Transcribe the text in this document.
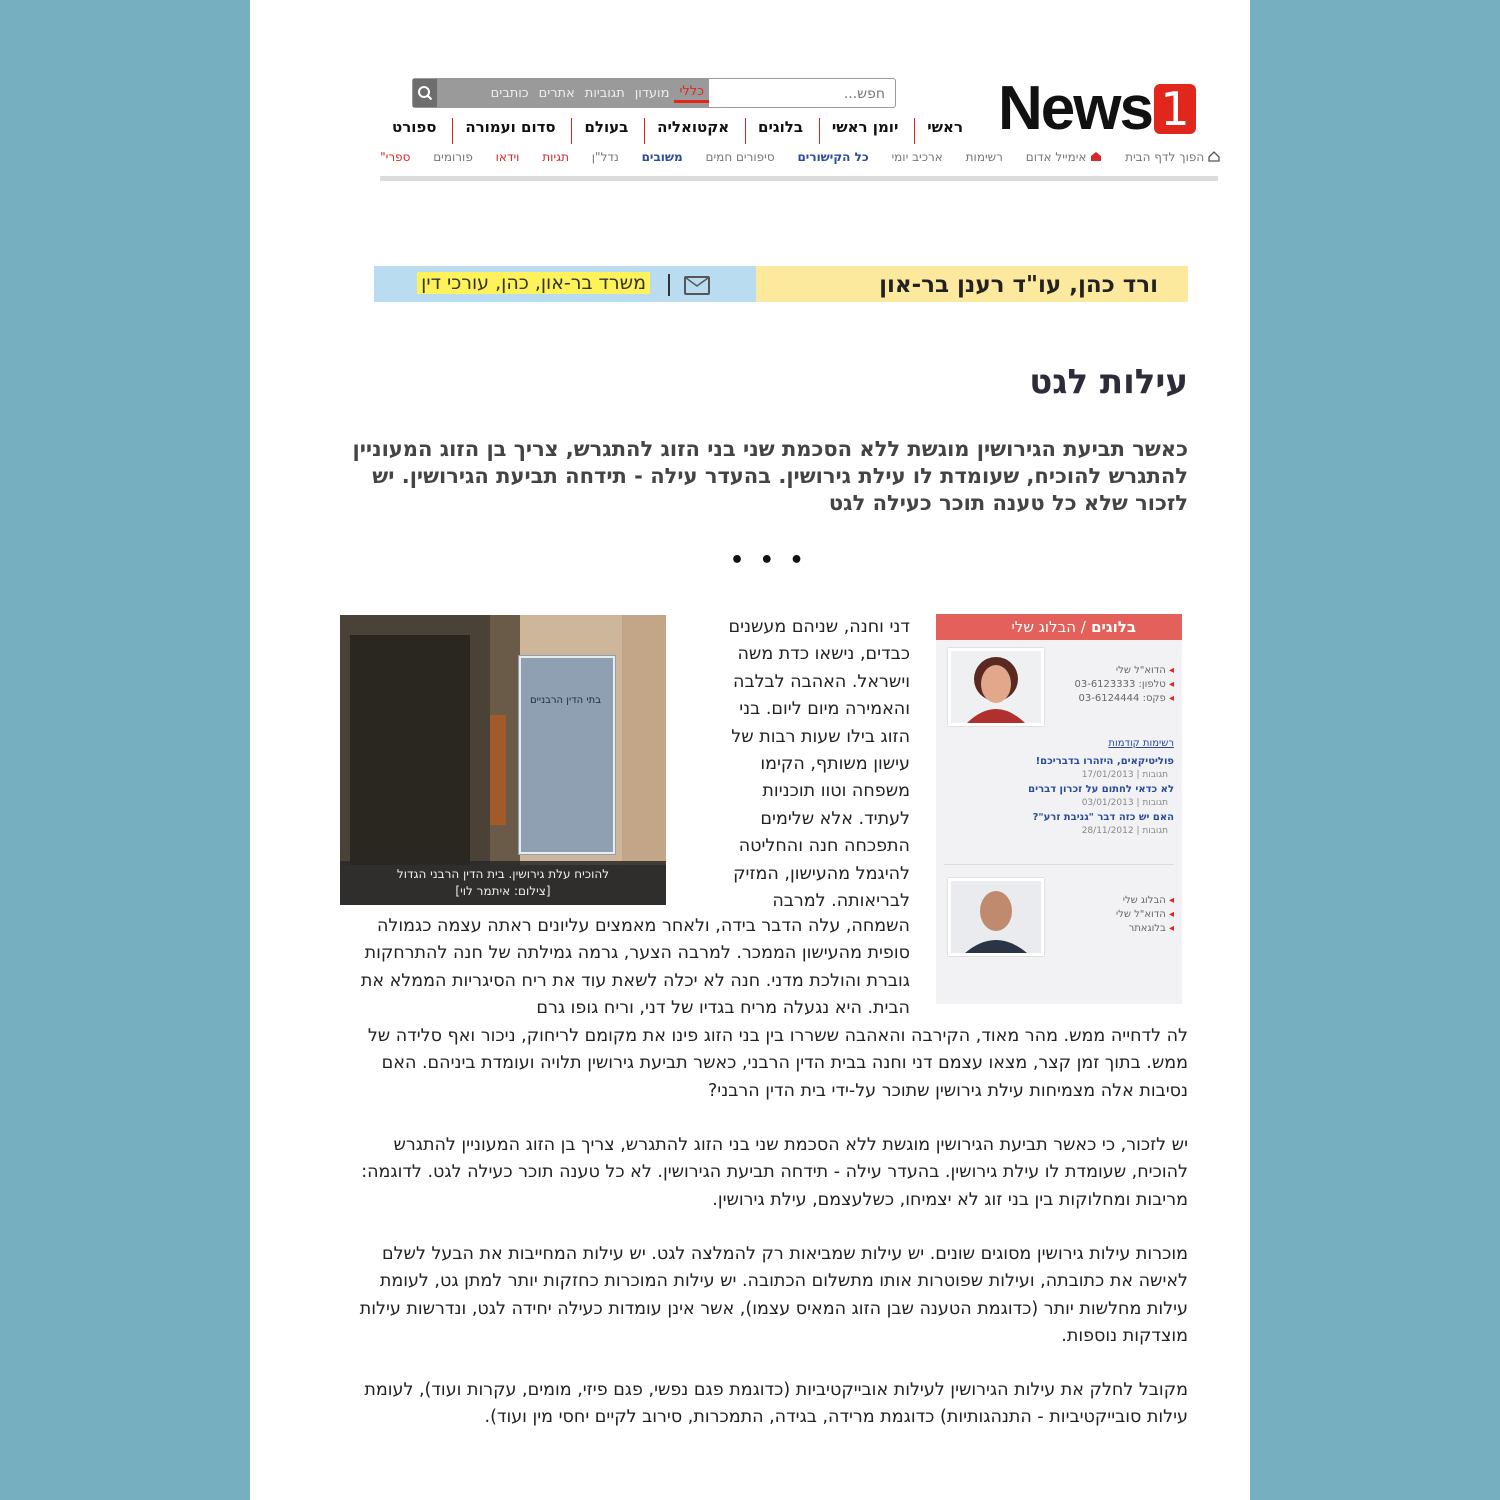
News 1
כללי
מועדון
תגוביות
אתרים
כותבים
חפש...
ראשי
יומן ראשי
בלוגים
אקטואליה
בעולם
סדום ועמורה
ספורט
הפוך לדף הבית
אימייל אדום
רשימות
ארכיב יומי
כל הקישורים
סיפורים חמים
משובים
נדל"ן
תגיות
וידאו
פורומים
ספרי"
משרד בר-און, כהן, עורכי דין	ורד כהן, עו"ד רענן בר-און
עילות לגט
כאשר תביעת הגירושין מוגשת ללא הסכמת שני בני הזוג להתגרש, צריך בן הזוג המעוניין להתגרש להוכיח, שעומדת לו עילת גירושין. בהעדר עילה - תידחה תביעת הגירושין. יש לזכור שלא כל טענה תוכר כעילה לגט
• • •
בלוגים / הבלוג שלי
◂ הדוא"ל שלי
◂ טלפון: 03-6123333
◂ פקס: 03-6124444
רשימות קודמות
פוליטיקאים, היזהרו בדבריכם!
תגובות | 17/01/2013
לא כדאי לחתום על זכרון דברים
תגובות | 03/01/2013
האם יש כזה דבר "גניבת זרע"?
תגובות | 28/11/2012
◂ הבלוג שלי
◂ הדוא"ל שלי
◂ בלוגאתר
דני וחנה, שניהם מעשנים כבדים, נישאו כדת משה וישראל. האהבה לבלבה והאמירה מיום ליום. בני הזוג בילו שעות רבות של עישון משותף, הקימו משפחה וטוו תוכניות לעתיד. אלא שלימים התפכחה חנה והחליטה להיגמל מהעישון, המזיק לבריאותה. למרבה
בתי הדין הרבניים
להוכיח עלת גירושין. בית הדין הרבני הגדול
[צילום: איתמר לוי]
השמחה, עלה הדבר בידה, ולאחר מאמצים עליונים ראתה עצמה כגמולה סופית מהעישון הממכר. למרבה הצער, גרמה גמילתה של חנה להתרחקות גוברת והולכת מדני. חנה לא יכלה לשאת עוד את ריח הסיגריות הממלא את הבית. היא נגעלה מריח בגדיו של דני, וריח גופו גרם
לה לדחייה ממש. מהר מאוד, הקירבה והאהבה ששררו בין בני הזוג פינו את מקומם לריחוק, ניכור ואף סלידה של ממש. בתוך זמן קצר, מצאו עצמם דני וחנה בבית הדין הרבני, כאשר תביעת גירושין תלויה ועומדת ביניהם. האם נסיבות אלה מצמיחות עילת גירושין שתוכר על-ידי בית הדין הרבני?
יש לזכור, כי כאשר תביעת הגירושין מוגשת ללא הסכמת שני בני הזוג להתגרש, צריך בן הזוג המעוניין להתגרש להוכיח, שעומדת לו עילת גירושין. בהעדר עילה - תידחה תביעת הגירושין. לא כל טענה תוכר כעילה לגט. לדוגמה: מריבות ומחלוקות בין בני זוג לא יצמיחו, כשלעצמם, עילת גירושין.
מוכרות עילות גירושין מסוגים שונים. יש עילות שמביאות רק להמלצה לגט. יש עילות המחייבות את הבעל לשלם לאישה את כתובתה, ועילות שפוטרות אותו מתשלום הכתובה. יש עילות המוכרות כחזקות יותר למתן גט, לעומת עילות מחלשות יותר (כדוגמת הטענה שבן הזוג המאיס עצמו), אשר אינן עומדות כעילה יחידה לגט, ונדרשות עילות מוצדקות נוספות.
מקובל לחלק את עילות הגירושין לעילות אובייקטיביות (כדוגמת פגם נפשי, פגם פיזי, מומים, עקרות ועוד), לעומת עילות סובייקטיביות - התנהגותיות) כדוגמת מרידה, בגידה, התמכרות, סירוב לקיים יחסי מין ועוד).
